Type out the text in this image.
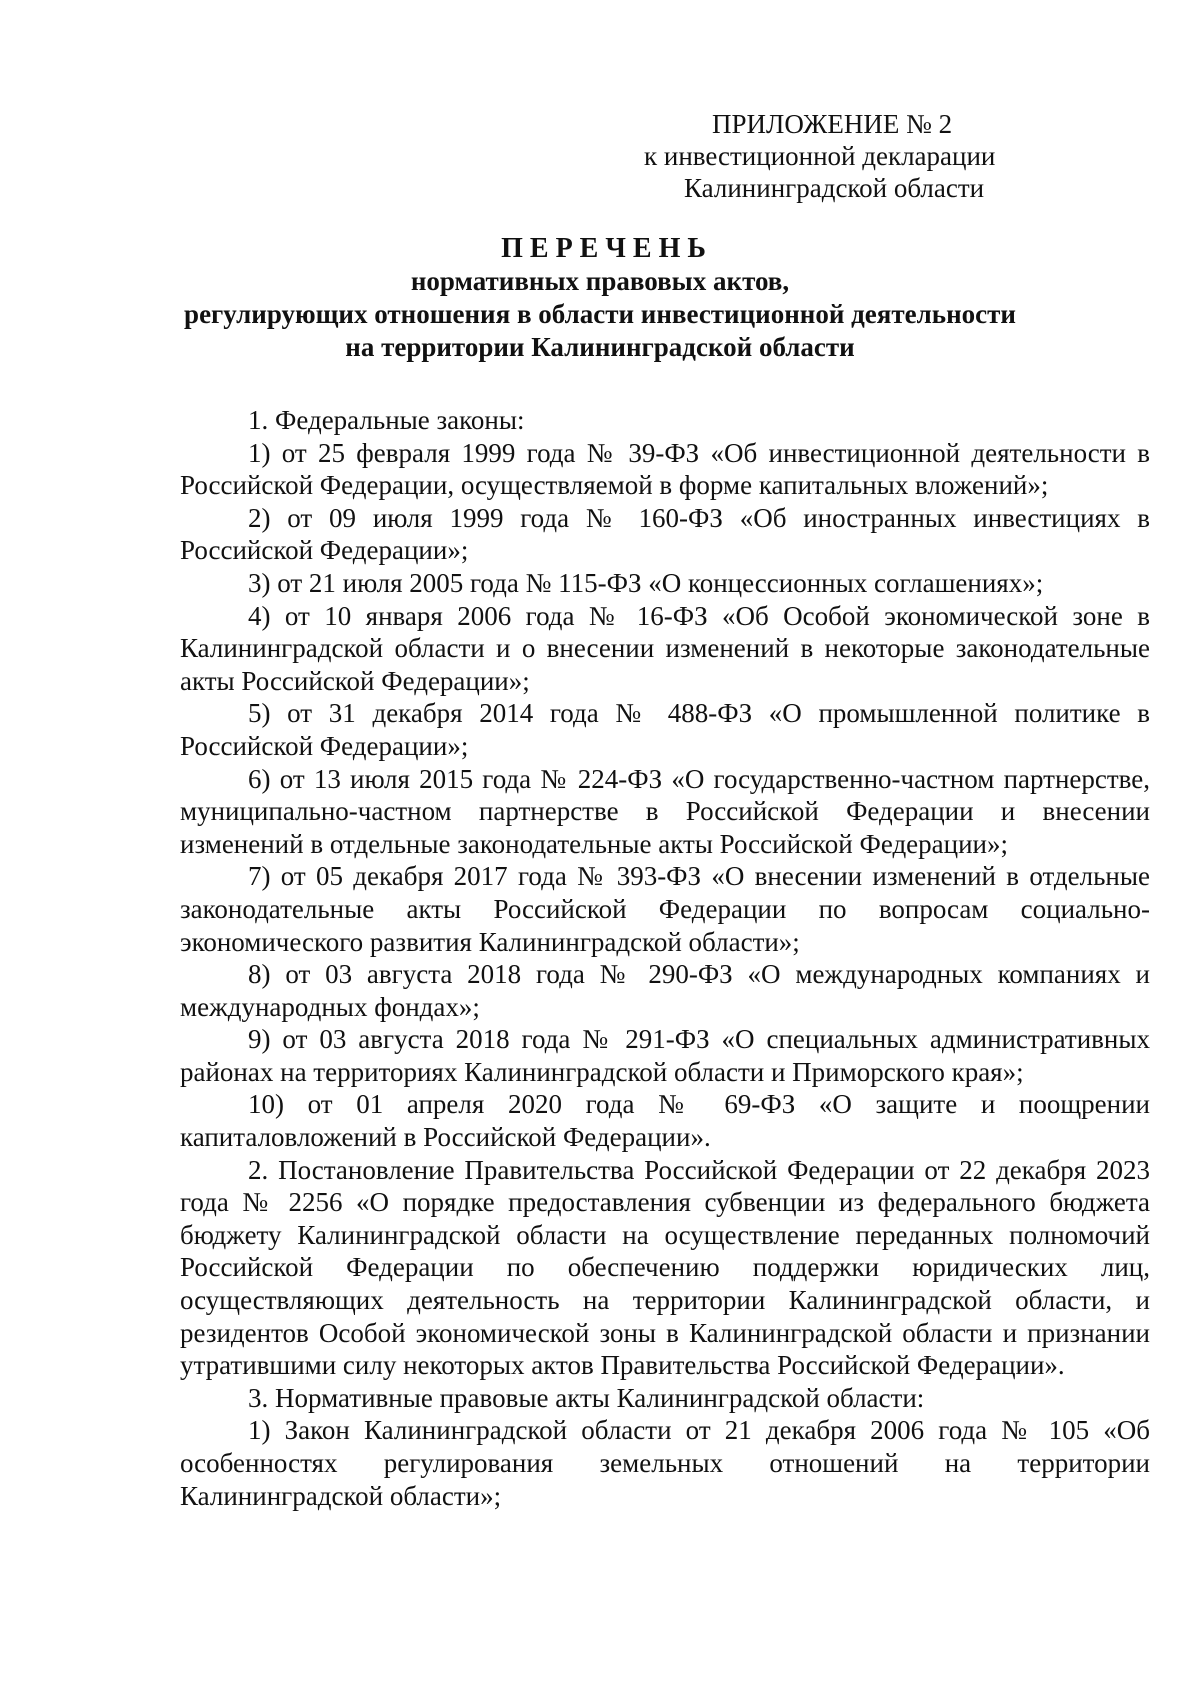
ПРИЛОЖЕНИЕ № 2
к инвестиционной декларации
Калининградской области
ПЕРЕЧЕНЬ
нормативных правовых актов,
регулирующих отношения в области инвестиционной деятельности
на территории Калининградской области

1. Федеральные законы:

1) от 25 февраля 1999 года № 39-ФЗ «Об инвестиционной деятельности в Российской Федерации, осуществляемой в форме капитальных вложений»;

2) от 09 июля 1999 года № 160-ФЗ «Об иностранных инвестициях в Российской Федерации»;

3) от 21 июля 2005 года № 115-ФЗ «О концессионных соглашениях»;

4) от 10 января 2006 года № 16-ФЗ «Об Особой экономической зоне в Калининградской области и о внесении изменений в некоторые законодательные акты Российской Федерации»;

5) от 31 декабря 2014 года № 488-ФЗ «О промышленной политике в Российской Федерации»;

6) от 13 июля 2015 года № 224-ФЗ «О государственно-частном партнерстве, муниципально-частном партнерстве в Российской Федерации и внесении изменений в отдельные законодательные акты Российской Федерации»;

7) от 05 декабря 2017 года № 393-ФЗ «О внесении изменений в отдельные законодательные акты Российской Федерации по вопросам социально-экономического развития Калининградской области»;

8) от 03 августа 2018 года № 290-ФЗ «О международных компаниях и международных фондах»;

9) от 03 августа 2018 года № 291-ФЗ «О специальных административных районах на территориях Калининградской области и Приморского края»;

10) от 01 апреля 2020 года № 69-ФЗ «О защите и поощрении капиталовложений в Российской Федерации».

2. Постановление Правительства Российской Федерации от 22 декабря 2023 года № 2256 «О порядке предоставления субвенции из федерального бюджета бюджету Калининградской области на осуществление переданных полномочий Российской Федерации по обеспечению поддержки юридических лиц, осуществляющих деятельность на территории Калининградской области, и резидентов Особой экономической зоны в Калининградской области и признании утратившими силу некоторых актов Правительства Российской Федерации».

3. Нормативные правовые акты Калининградской области:

1) Закон Калининградской области от 21 декабря 2006 года № 105 «Об особенностях регулирования земельных отношений на территории Калининградской области»;
